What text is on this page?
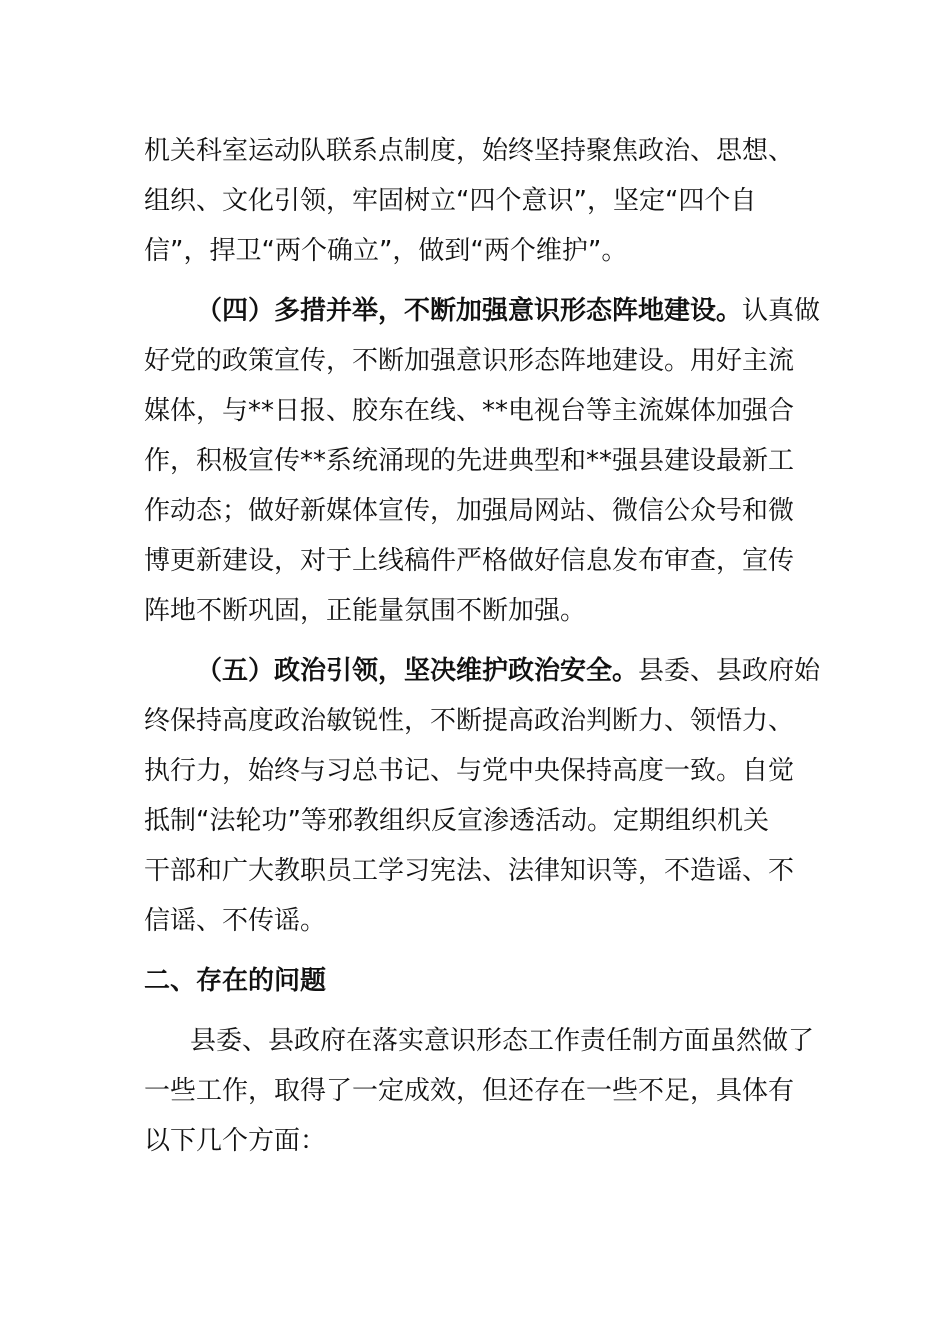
机关科室运动队联系点制度，始终坚持聚焦政治、思想、
组织、文化引领，牢固树立“四个意识”，坚定“四个自
信”，捍卫“两个确立”，做到“两个维护”。

（四）多措并举，不断加强意识形态阵地建设。认真做
好党的政策宣传，不断加强意识形态阵地建设。用好主流
媒体，与**日报、胶东在线、**电视台等主流媒体加强合
作，积极宣传**系统涌现的先进典型和**强县建设最新工
作动态；做好新媒体宣传，加强局网站、微信公众号和微
博更新建设，对于上线稿件严格做好信息发布审查，宣传
阵地不断巩固，正能量氛围不断加强。

（五）政治引领，坚决维护政治安全。县委、县政府始
终保持高度政治敏锐性，不断提高政治判断力、领悟力、
执行力，始终与习总书记、与党中央保持高度一致。自觉
抵制“法轮功”等邪教组织反宣渗透活动。定期组织机关
干部和广大教职员工学习宪法、法律知识等，不造谣、不
信谣、不传谣。

二、存在的问题

县委、县政府在落实意识形态工作责任制方面虽然做了
一些工作，取得了一定成效，但还存在一些不足，具体有
以下几个方面：
